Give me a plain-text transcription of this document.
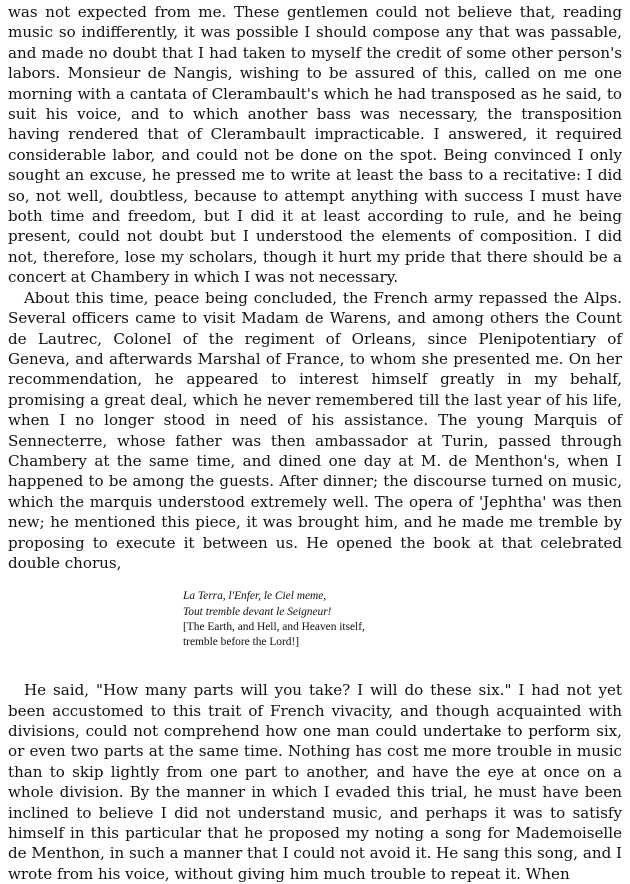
was not expected from me. These gentlemen could not believe that, reading music so indifferently, it was possible I should compose any that was passable, and made no doubt that I had taken to myself the credit of some other person's labors. Monsieur de Nangis, wishing to be assured of this, called on me one morning with a cantata of Clerambault's which he had transposed as he said, to suit his voice, and to which another bass was necessary, the transposition having rendered that of Clerambault impracticable. I answered, it required considerable labor, and could not be done on the spot. Being convinced I only sought an excuse, he pressed me to write at least the bass to a recitative: I did so, not well, doubtless, because to attempt anything with success I must have both time and freedom, but I did it at least according to rule, and he being present, could not doubt but I understood the elements of composition. I did not, therefore, lose my scholars, though it hurt my pride that there should be a concert at Chambery in which I was not necessary.

About this time, peace being concluded, the French army repassed the Alps. Several officers came to visit Madam de Warens, and among others the Count de Lautrec, Colonel of the regiment of Orleans, since Plenipotentiary of Geneva, and afterwards Marshal of France, to whom she presented me. On her recommendation, he appeared to interest himself greatly in my behalf, promising a great deal, which he never remembered till the last year of his life, when I no longer stood in need of his assistance. The young Marquis of Sennecterre, whose father was then ambassador at Turin, passed through Chambery at the same time, and dined one day at M. de Menthon's, when I happened to be among the guests. After dinner; the discourse turned on music, which the marquis understood extremely well. The opera of 'Jephtha' was then new; he mentioned this piece, it was brought him, and he made me tremble by proposing to execute it between us. He opened the book at that celebrated double chorus,

La Terra, l'Enfer, le Ciel meme,
Tout tremble devant le Seigneur!
[The Earth, and Hell, and Heaven itself,
tremble before the Lord!]

He said, "How many parts will you take? I will do these six." I had not yet been accustomed to this trait of French vivacity, and though acquainted with divisions, could not comprehend how one man could undertake to perform six, or even two parts at the same time. Nothing has cost me more trouble in music than to skip lightly from one part to another, and have the eye at once on a whole division. By the manner in which I evaded this trial, he must have been inclined to believe I did not understand music, and perhaps it was to satisfy himself in this particular that he proposed my noting a song for Mademoiselle de Menthon, in such a manner that I could not avoid it. He sang this song, and I wrote from his voice, without giving him much trouble to repeat it. When
